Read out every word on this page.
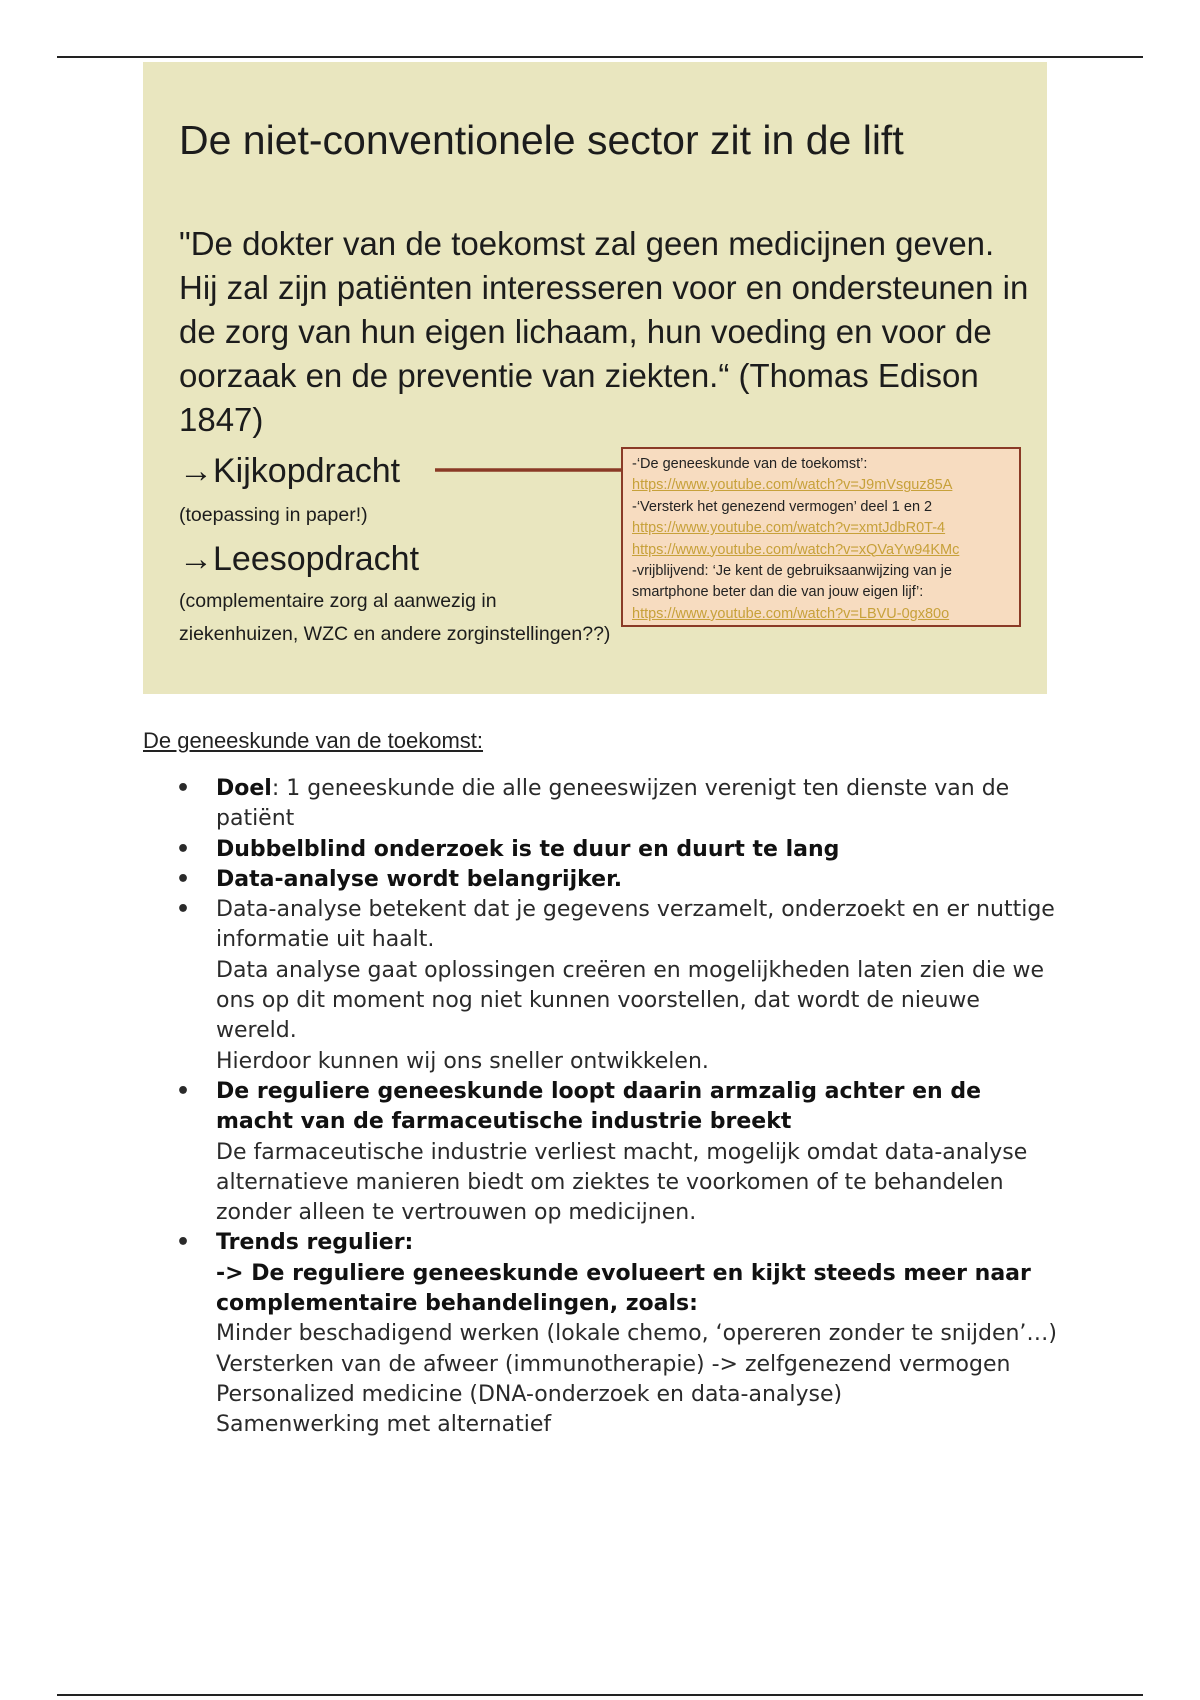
De niet-conventionele sector zit in de lift
"De dokter van de toekomst zal geen medicijnen geven. Hij zal zijn patiënten interesseren voor en ondersteunen in de zorg van hun eigen lichaam, hun voeding en voor de oorzaak en de preventie van ziekten.“ (Thomas Edison 1847)
→Kijkopdracht
(toepassing in paper!)
→Leesopdracht
(complementaire zorg al aanwezig in ziekenhuizen, WZC en andere zorginstellingen??)
-‘De geneeskunde van de toekomst’:
https://www.youtube.com/watch?v=J9mVsguz85A
-‘Versterk het genezend vermogen’ deel 1 en 2
https://www.youtube.com/watch?v=xmtJdbR0T-4
https://www.youtube.com/watch?v=xQVaYw94KMc
-vrijblijvend: ‘Je kent de gebruiksaanwijzing van je
smartphone beter dan die van jouw eigen lijf’:
https://www.youtube.com/watch?v=LBVU-0gx80o
De geneeskunde van de toekomst:
• Doel: 1 geneeskunde die alle geneeswijzen verenigt ten dienste van de patiënt
• Dubbelblind onderzoek is te duur en duurt te lang
• Data-analyse wordt belangrijker.
• Data-analyse betekent dat je gegevens verzamelt, onderzoekt en er nuttige informatie uit haalt.
Data analyse gaat oplossingen creëren en mogelijkheden laten zien die we ons op dit moment nog niet kunnen voorstellen, dat wordt de nieuwe wereld.
Hierdoor kunnen wij ons sneller ontwikkelen.
• De reguliere geneeskunde loopt daarin armzalig achter en de macht van de farmaceutische industrie breekt
De farmaceutische industrie verliest macht, mogelijk omdat data-analyse alternatieve manieren biedt om ziektes te voorkomen of te behandelen zonder alleen te vertrouwen op medicijnen.
• Trends regulier:
-> De reguliere geneeskunde evolueert en kijkt steeds meer naar complementaire behandelingen, zoals:
Minder beschadigend werken (lokale chemo, ‘opereren zonder te snijden’…)
Versterken van de afweer (immunotherapie) -> zelfgenezend vermogen
Personalized medicine (DNA-onderzoek en data-analyse)
Samenwerking met alternatief
